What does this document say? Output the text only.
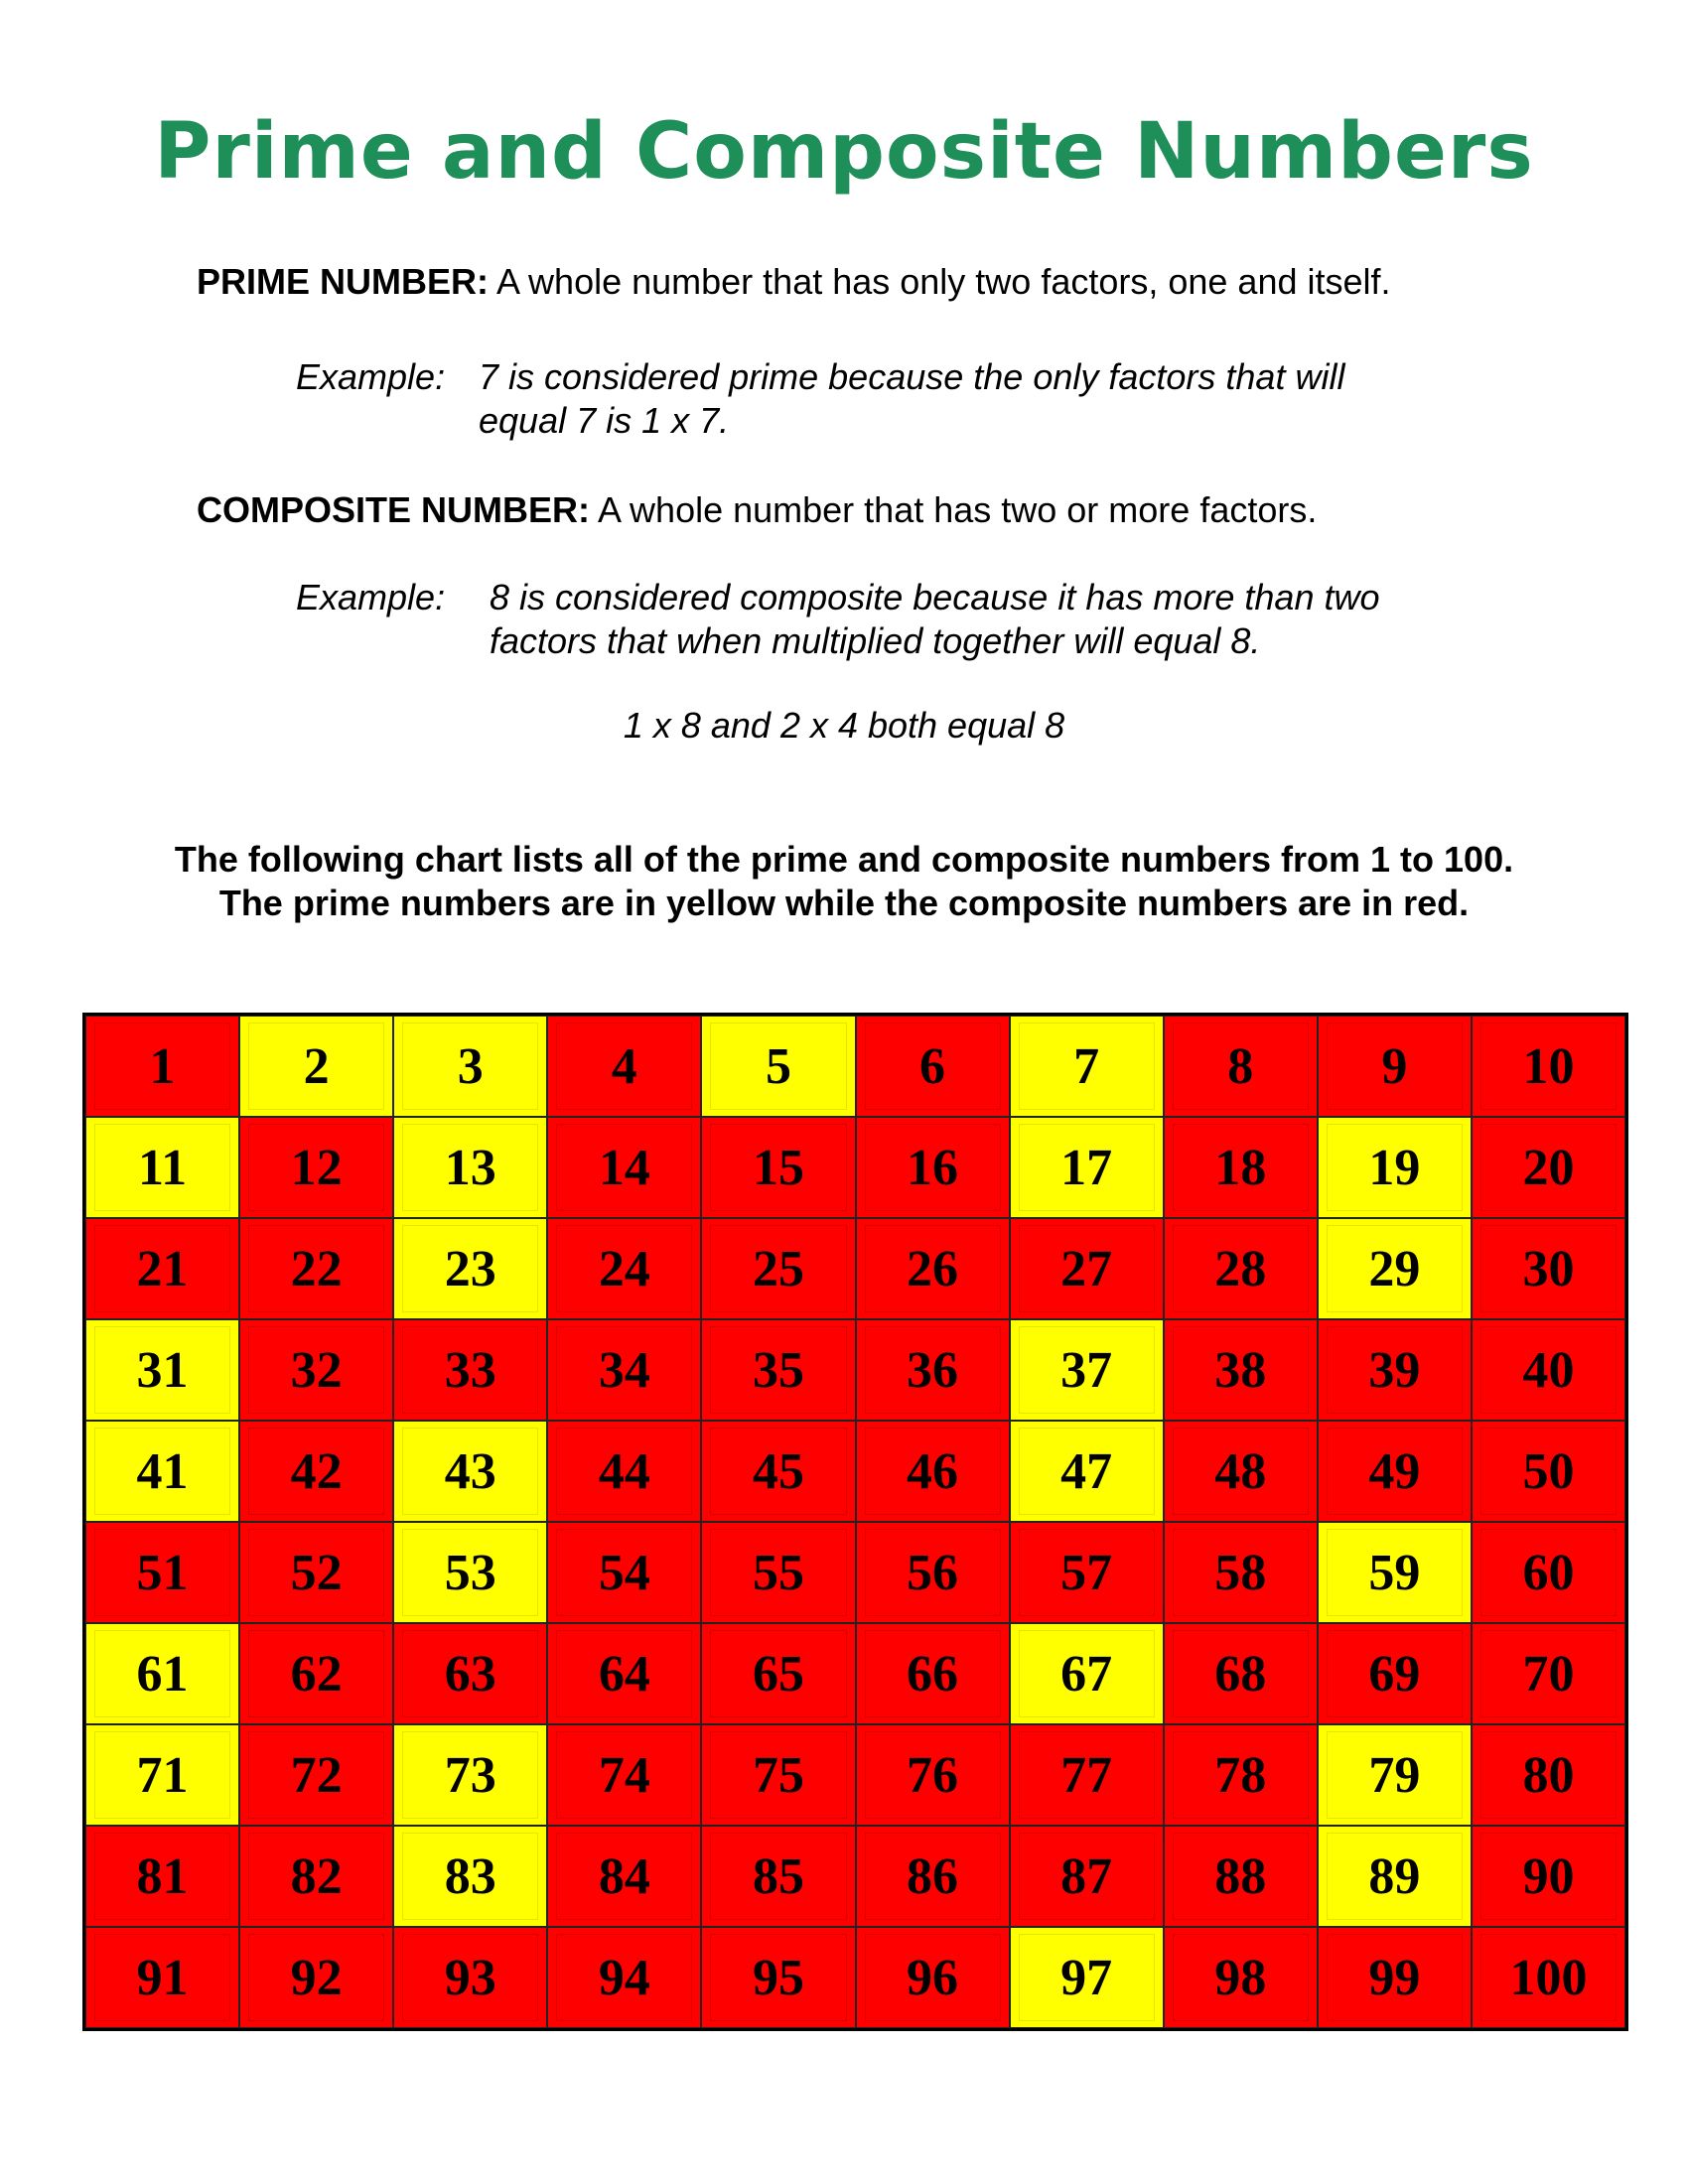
Prime and Composite Numbers
PRIME NUMBER: A whole number that has only two factors, one and itself.
Example: 7 is considered prime because the only factors that will
equal 7 is 1 x 7.
COMPOSITE NUMBER: A whole number that has two or more factors.
Example: 8 is considered composite because it has more than two
factors that when multiplied together will equal 8.
1 x 8 and 2 x 4 both equal 8
The following chart lists all of the prime and composite numbers from 1 to 100.
The prime numbers are in yellow while the composite numbers are in red.
1	2	3	4	5	6	7	8	9	10
11	12	13	14	15	16	17	18	19	20
21	22	23	24	25	26	27	28	29	30
31	32	33	34	35	36	37	38	39	40
41	42	43	44	45	46	47	48	49	50
51	52	53	54	55	56	57	58	59	60
61	62	63	64	65	66	67	68	69	70
71	72	73	74	75	76	77	78	79	80
81	82	83	84	85	86	87	88	89	90
91	92	93	94	95	96	97	98	99	100
